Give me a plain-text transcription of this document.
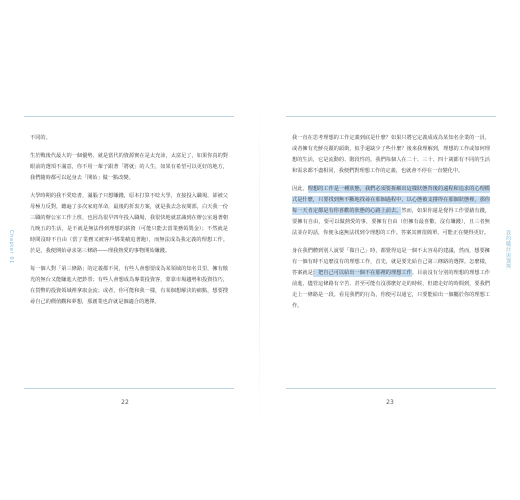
Chapter 01

不同的。

生於戰後代最大的一個優勢，就是當代的資源實在是太充沛，太富足了，如果你真的對眼前的選項不滿意，你不用一輩子跟著「將就」的人生，如果有希望可以更好的地方，我們隨時都可以起身去「開始」做一點改變。

大學時期的我不愛唸書，滿腦子只想賺錢，原本打算不唸大學，直接投入職場，卻被父母極力反對，聽遍了多次家庭革命，最後的折衷方案，就是我去念夜間部，白天我一份三職的辦公室工作上班，也因為很早四年投入職場，我很快地就意識到在辦公室過著朝九晚五的生活，是不就是無法得到理想的薪資（可能只能去當業務領獎金）；不然就是時間沒時不自由（當了業務又被客戶綁業績追著跑），而無法成為我定義的理想工作。於是，我便開始尋求第三條路——理我熱愛的事物開始賺錢。

每一個人對「第三條路」的定義都不同，有些人會想要成為某領域的知名貝里，擁有傲光的無台又能賺進大把鈔票；有些人會想成為專業投資客，蒙靠市場趨勢和投資技巧，在貨幣的投資領域裡拿取金流；或者，你可能和我一樣，有某個想解決的痛點，想要搜尋自己的價值觀和夢想，那創業也許就是個適合的選擇。

22
我的職涯與選擇

我一直在思考理想的工作定義到底是什麼？如果只將它定義成成為某知名企業的一員，或者擁有光鮮亮麗的頭銜，似乎還缺少了些什麼？後來我理解到，理想的工作或如何理想的生活，它是流動的、階段性的，我們每個人在二十、三十、四十歲都有不同的生活和需求都不盡相同，我便們對理想工作的定義，也就會不停在一直變化中。

因此，理想的工作是一種狀態，我們必須要拆解出這樣狀態背後的遠程和追求的心理模式是什麼，只要找到無不斷地找尋在那個過程中，以心態被支撐得在那個狀態裡，那你每一天肯定都是有你喜歡的狀態的心路上前去。然而，如果你還是覺得工作要藉有錢，要擁有自由，要可以做熱愛的事，要擁有自由（但擁有最喜歡、沒有賺錢），且三者無法並存的話，你便永遠無法找到令理想的工作。答案其實很簡單，可能正在變得更好。

身在我們體到別人說要「做自己」時，都覺得這是一個不太容易的建議，然而，想要擁有一個有時不這麼沒有的理想工作，首先，就是要先給自己第三條路的選擇。怎麼樣，答案就是：把自己可以給出一個不在那裡的理想工作。目前沒有分別的理想的理想工作前進，儘管這條路有辛苦、甚至可能有沒那麼好走的時候，但總走好的時間到，要我們走上一條路是一段。看見我們的行為，你便可以通它，只要能給出一個屬於你的理想工作。

23
